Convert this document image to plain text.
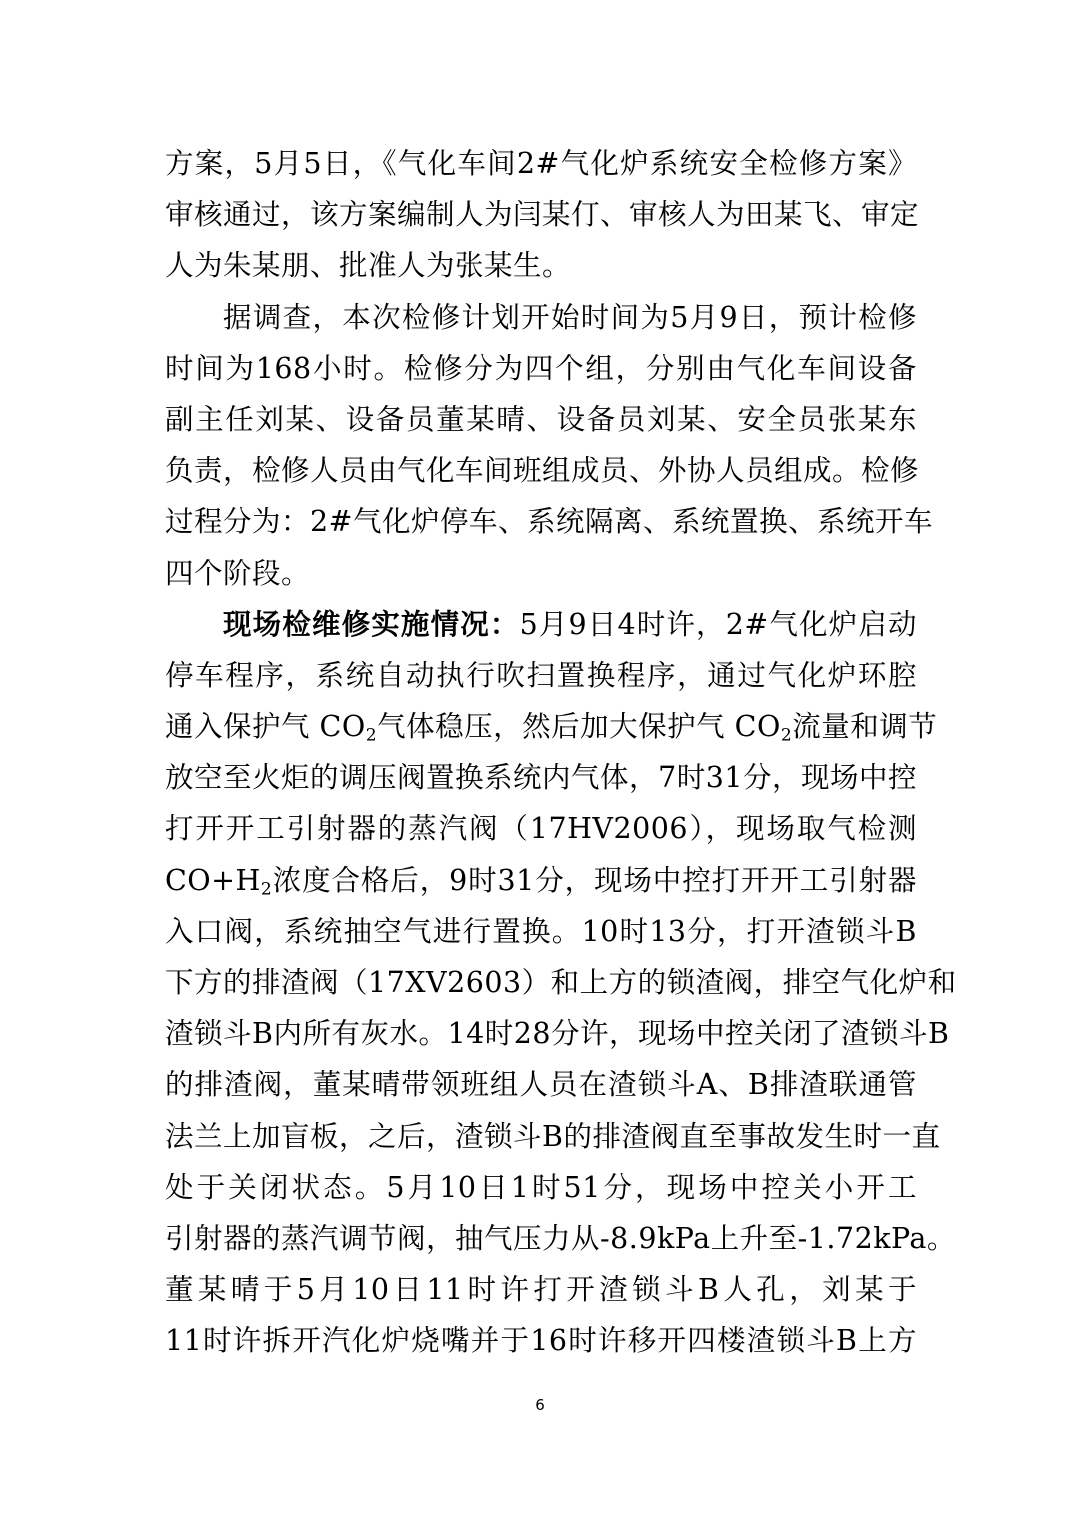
方案，5月5日，《气化车间2#气化炉系统安全检修方案》
审核通过，该方案编制人为闫某仃、审核人为田某飞、审定
人为朱某朋、批准人为张某生。
据调查，本次检修计划开始时间为5月9日，预计检修
时间为168小时。检修分为四个组，分别由气化车间设备
副主任刘某、设备员董某晴、设备员刘某、安全员张某东
负责，检修人员由气化车间班组成员、外协人员组成。检修
过程分为：2#气化炉停车、系统隔离、系统置换、系统开车
四个阶段。
现场检维修实施情况：5月9日4时许，2#气化炉启动
停车程序，系统自动执行吹扫置换程序，通过气化炉环腔
通入保护气 $CO_2$气体稳压，然后加大保护气 $CO_2$流量和调节
放空至火炬的调压阀置换系统内气体，7时31分，现场中控
打开开工引射器的蒸汽阀（17HV2006），现场取气检测
$CO+H_2$浓度合格后，9时31分，现场中控打开开工引射器
入口阀，系统抽空气进行置换。10时13分，打开渣锁斗B
下方的排渣阀（17XV2603）和上方的锁渣阀，排空气化炉和
渣锁斗B内所有灰水。14时28分许，现场中控关闭了渣锁斗B
的排渣阀，董某晴带领班组人员在渣锁斗A、B排渣联通管
法兰上加盲板，之后，渣锁斗B的排渣阀直至事故发生时一直
处于关闭状态。5月10日1时51分，现场中控关小开工
引射器的蒸汽调节阀，抽气压力从-8.9kPa上升至-1.72kPa。
董某晴于5月10日11时许打开渣锁斗B人孔，刘某于
11时许拆开汽化炉烧嘴并于16时许移开四楼渣锁斗B上方
6
